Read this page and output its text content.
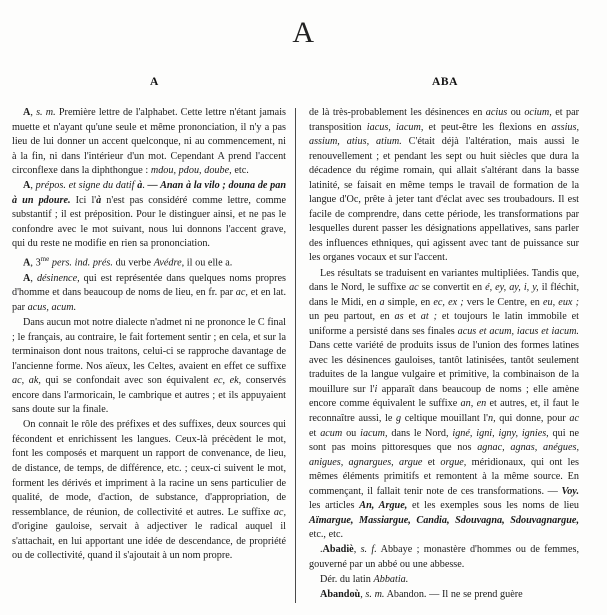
A
A	ABA

A, s. m. Première lettre de l'alphabet. Cette lettre n'étant jamais muette et n'ayant qu'une seule et même prononciation, il n'y a pas lieu de lui donner un accent quelconque, ni au commencement, ni à la fin, ni dans l'intérieur d'un mot. Cependant A prend l'accent circonflexe dans la diphthongue : mdou, pdou, doube, etc.

A, prépos. et signe du datif à. — Anan à la vilo ; douna de pan à un pdoure. Ici l'à n'est pas considéré comme lettre, comme substantif ; il est préposition. Pour le distinguer ainsi, et ne pas le confondre avec le mot suivant, nous lui donnons l'accent grave, qui du reste ne modifie en rien sa prononciation.

A, $3^{me}$ pers. ind. prés. du verbe Avédre, il ou elle a.

A, désinence, qui est représentée dans quelques noms propres d'homme et dans beaucoup de noms de lieu, en fr. par ac, et en lat. par acus, acum.

Dans aucun mot notre dialecte n'admet ni ne prononce le C final ; le français, au contraire, le fait fortement sentir ; en cela, et sur la terminaison dont nous traitons, celui-ci se rapproche davantage de l'ancienne forme. Nos aïeux, les Celtes, avaient en effet ce suffixe ac, ak, qui se confondait avec son équivalent ec, ek, conservés encore dans l'armoricain, le cambrique et autres ; et ils appuyaient sans doute sur la finale.

On connait le rôle des préfixes et des suffixes, deux sources qui fécondent et enrichissent les langues. Ceux-là précèdent le mot, font les composés et marquent un rapport de convenance, de lieu, de distance, de temps, de différence, etc. ; ceux-ci suivent le mot, forment les dérivés et impriment à la racine un sens particulier de qualité, de mode, d'action, de substance, d'appropriation, de ressemblance, de réunion, de collectivité et autres. Le suffixe ac, d'origine gauloise, servait à adjectiver le radical auquel il s'attachait, en lui apportant une idée de descendance, de propriété ou de collectivité, quand il s'ajoutait à un nom propre.

de là très-probablement les désinences en acius ou ocium, et par transposition iacus, iacum, et peut-être les flexions en assius, assium, atius, atium. C'était déjà l'altération, mais aussi le renouvellement ; et pendant les sept ou huit siècles que dura la décadence du régime romain, qui allait s'altérant dans la basse latinité, se faisait en même temps le travail de formation de la langue d'Oc, prête à jeter tant d'éclat avec ses troubadours. Il est facile de comprendre, dans cette période, les transformations par lesquelles durent passer les désignations appellatives, sans parler des influences ethniques, qui agissent avec tant de puissance sur les organes vocaux et sur l'accent.

Les résultats se traduisent en variantes multipliées. Tandis que, dans le Nord, le suffixe ac se convertit en é, ey, ay, i, y, il fléchit, dans le Midi, en a simple, en ec, ex ; vers le Centre, en eu, eux ; un peu partout, en as et at ; et toujours le latin immobile et uniforme a persisté dans ses finales acus et acum, iacus et iacum. Dans cette variété de produits issus de l'union des formes latines avec les désinences gauloises, tantôt latinisées, tantôt seulement traduites de la langue vulgaire et primitive, la combinaison de la mouillure sur l'i apparaît dans beaucoup de noms ; elle amène encore comme équivalent le suffixe an, en et autres, et, il faut le reconnaître aussi, le g celtique mouillant l'n, qui donne, pour ac et acum ou iacum, dans le Nord, igné, igni, igny, ignies, qui ne sont pas moins pittoresques que nos agnac, agnas, anégues, anigues, agnargues, argue et orgue, méridionaux, qui ont les mêmes éléments primitifs et remontent à la même source. En commençant, il fallait tenir note de ces transformations. — Voy. les articles An, Argue, et les exemples sous les noms de lieu Aïmargue, Massiargue, Candia, Sdouvagna, Sdouvagnargue, etc., etc.

.Abadiè, s. f. Abbaye ; monastère d'hommes ou de femmes, gouverné par un abbé ou une abbesse.

Dér. du latin Abbatia.

Abandoù, s. m. Abandon. — Il ne se prend guère
